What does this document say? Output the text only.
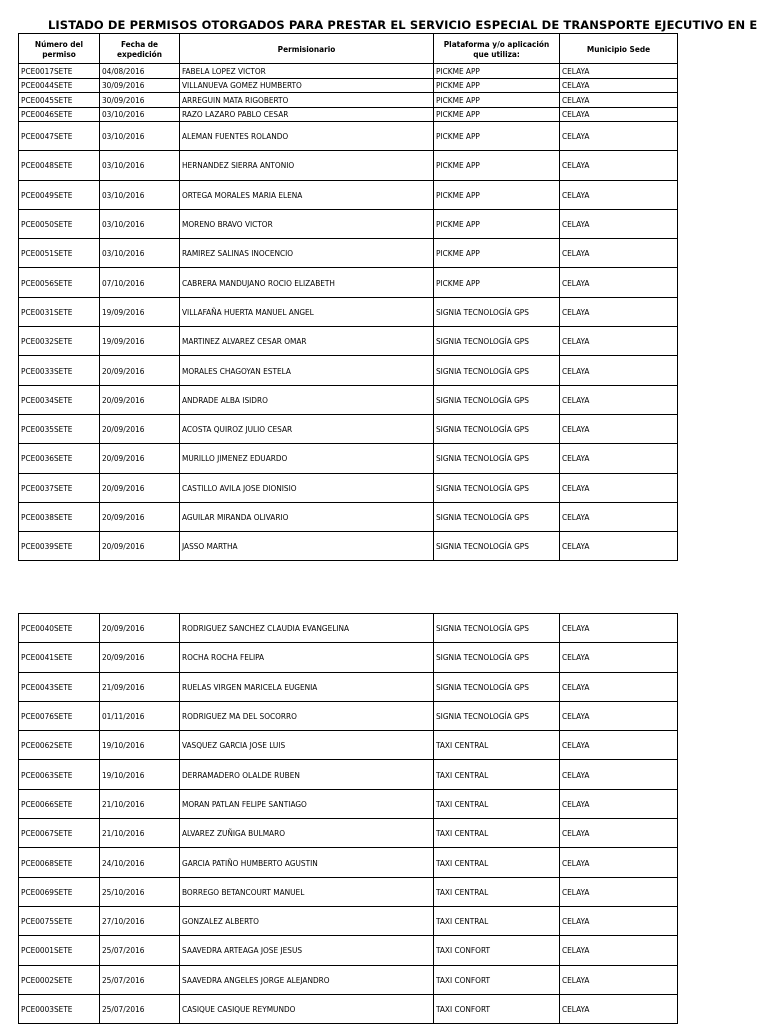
LISTADO DE PERMISOS OTORGADOS PARA PRESTAR EL SERVICIO ESPECIAL DE TRANSPORTE EJECUTIVO EN E
Número del permiso	Fecha de expedición	Permisionario	Plataforma y/o aplicación que utiliza:	Municipio Sede
PCE0017SETE	04/08/2016	FABELA LOPEZ VICTOR	PICKME APP	CELAYA
PCE0044SETE	30/09/2016	VILLANUEVA GOMEZ HUMBERTO	PICKME APP	CELAYA
PCE0045SETE	30/09/2016	ARREGUIN MATA RIGOBERTO	PICKME APP	CELAYA
PCE0046SETE	03/10/2016	RAZO LAZARO PABLO CESAR	PICKME APP	CELAYA
PCE0047SETE	03/10/2016	ALEMAN FUENTES ROLANDO	PICKME APP	CELAYA
PCE0048SETE	03/10/2016	HERNANDEZ SIERRA ANTONIO	PICKME APP	CELAYA
PCE0049SETE	03/10/2016	ORTEGA MORALES MARIA ELENA	PICKME APP	CELAYA
PCE0050SETE	03/10/2016	MORENO BRAVO VICTOR	PICKME APP	CELAYA
PCE0051SETE	03/10/2016	RAMIREZ SALINAS INOCENCIO	PICKME APP	CELAYA
PCE0056SETE	07/10/2016	CABRERA MANDUJANO ROCIO ELIZABETH	PICKME APP	CELAYA
PCE0031SETE	19/09/2016	VILLAFAÑA HUERTA MANUEL ANGEL	SIGNIA TECNOLOGÍA GPS	CELAYA
PCE0032SETE	19/09/2016	MARTINEZ ALVAREZ CESAR OMAR	SIGNIA TECNOLOGÍA GPS	CELAYA
PCE0033SETE	20/09/2016	MORALES CHAGOYAN ESTELA	SIGNIA TECNOLOGÍA GPS	CELAYA
PCE0034SETE	20/09/2016	ANDRADE ALBA ISIDRO	SIGNIA TECNOLOGÍA GPS	CELAYA
PCE0035SETE	20/09/2016	ACOSTA QUIROZ JULIO CESAR	SIGNIA TECNOLOGÍA GPS	CELAYA
PCE0036SETE	20/09/2016	MURILLO JIMENEZ EDUARDO	SIGNIA TECNOLOGÍA GPS	CELAYA
PCE0037SETE	20/09/2016	CASTILLO AVILA JOSE DIONISIO	SIGNIA TECNOLOGÍA GPS	CELAYA
PCE0038SETE	20/09/2016	AGUILAR MIRANDA OLIVARIO	SIGNIA TECNOLOGÍA GPS	CELAYA
PCE0039SETE	20/09/2016	JASSO MARTHA	SIGNIA TECNOLOGÍA GPS	CELAYA
PCE0040SETE	20/09/2016	RODRIGUEZ SANCHEZ CLAUDIA EVANGELINA	SIGNIA TECNOLOGÍA GPS	CELAYA
PCE0041SETE	20/09/2016	ROCHA ROCHA FELIPA	SIGNIA TECNOLOGÍA GPS	CELAYA
PCE0043SETE	21/09/2016	RUELAS VIRGEN MARICELA EUGENIA	SIGNIA TECNOLOGÍA GPS	CELAYA
PCE0076SETE	01/11/2016	RODRIGUEZ MA DEL SOCORRO	SIGNIA TECNOLOGÍA GPS	CELAYA
PCE0062SETE	19/10/2016	VASQUEZ GARCIA JOSE LUIS	TAXI CENTRAL	CELAYA
PCE0063SETE	19/10/2016	DERRAMADERO OLALDE RUBEN	TAXI CENTRAL	CELAYA
PCE0066SETE	21/10/2016	MORAN PATLAN FELIPE SANTIAGO	TAXI CENTRAL	CELAYA
PCE0067SETE	21/10/2016	ALVAREZ ZUÑIGA BULMARO	TAXI CENTRAL	CELAYA
PCE0068SETE	24/10/2016	GARCIA PATIÑO HUMBERTO AGUSTIN	TAXI CENTRAL	CELAYA
PCE0069SETE	25/10/2016	BORREGO BETANCOURT MANUEL	TAXI CENTRAL	CELAYA
PCE0075SETE	27/10/2016	GONZALEZ ALBERTO	TAXI CENTRAL	CELAYA
PCE0001SETE	25/07/2016	SAAVEDRA ARTEAGA JOSE JESUS	TAXI CONFORT	CELAYA
PCE0002SETE	25/07/2016	SAAVEDRA ANGELES JORGE ALEJANDRO	TAXI CONFORT	CELAYA
PCE0003SETE	25/07/2016	CASIQUE CASIQUE REYMUNDO	TAXI CONFORT	CELAYA
